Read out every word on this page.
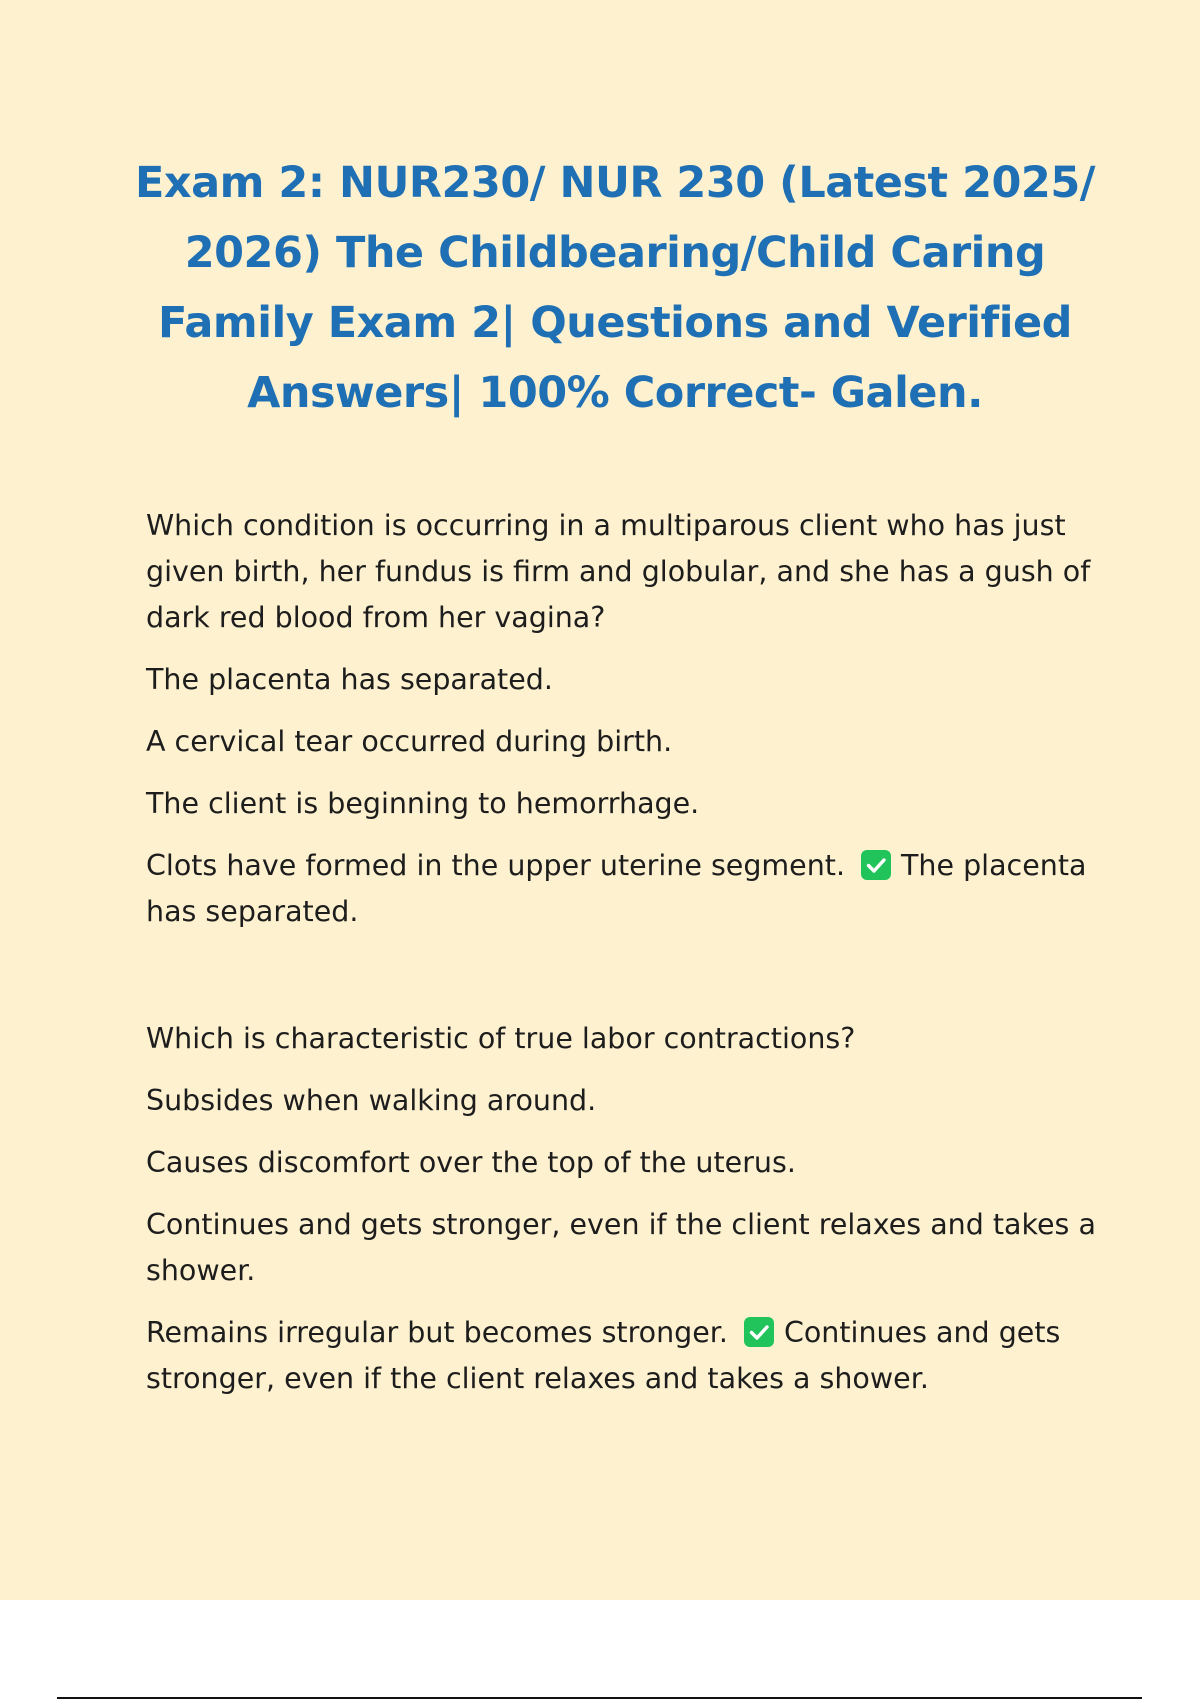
Exam 2: NUR230/ NUR 230 (Latest 2025/ 2026) The Childbearing/Child Caring Family Exam 2| Questions and Verified Answers| 100% Correct- Galen.

Which condition is occurring in a multiparous client who has just given birth, her fundus is firm and globular, and she has a gush of dark red blood from her vagina?

The placenta has separated.

A cervical tear occurred during birth.

The client is beginning to hemorrhage.

Clots have formed in the upper uterine segment. The placenta has separated.

Which is characteristic of true labor contractions?

Subsides when walking around.

Causes discomfort over the top of the uterus.

Continues and gets stronger, even if the client relaxes and takes a shower.

Remains irregular but becomes stronger. Continues and gets stronger, even if the client relaxes and takes a shower.
